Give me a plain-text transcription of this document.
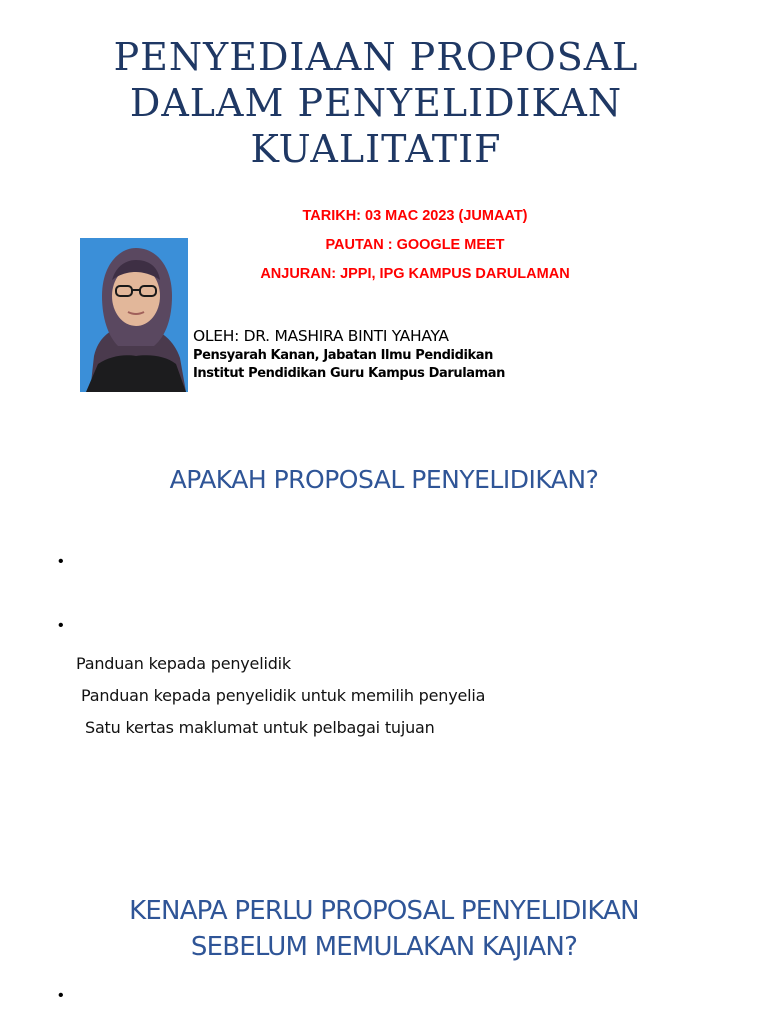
PENYEDIAAN PROPOSAL
DALAM PENYELIDIKAN
KUALITATIF
TARIKH: 03 MAC 2023 (JUMAAT)
PAUTAN : GOOGLE MEET
ANJURAN: JPPI, IPG KAMPUS DARULAMAN
OLEH: DR. MASHIRA BINTI YAHAYA
Pensyarah Kanan, Jabatan Ilmu Pendidikan
Institut Pendidikan Guru Kampus Darulaman
APAKAH PROPOSAL PENYELIDIKAN?
•
•
Panduan kepada penyelidik
Panduan kepada penyelidik untuk memilih penyelia
Satu kertas maklumat untuk pelbagai tujuan
KENAPA PERLU PROPOSAL PENYELIDIKAN
SEBELUM MEMULAKAN KAJIAN?
•
